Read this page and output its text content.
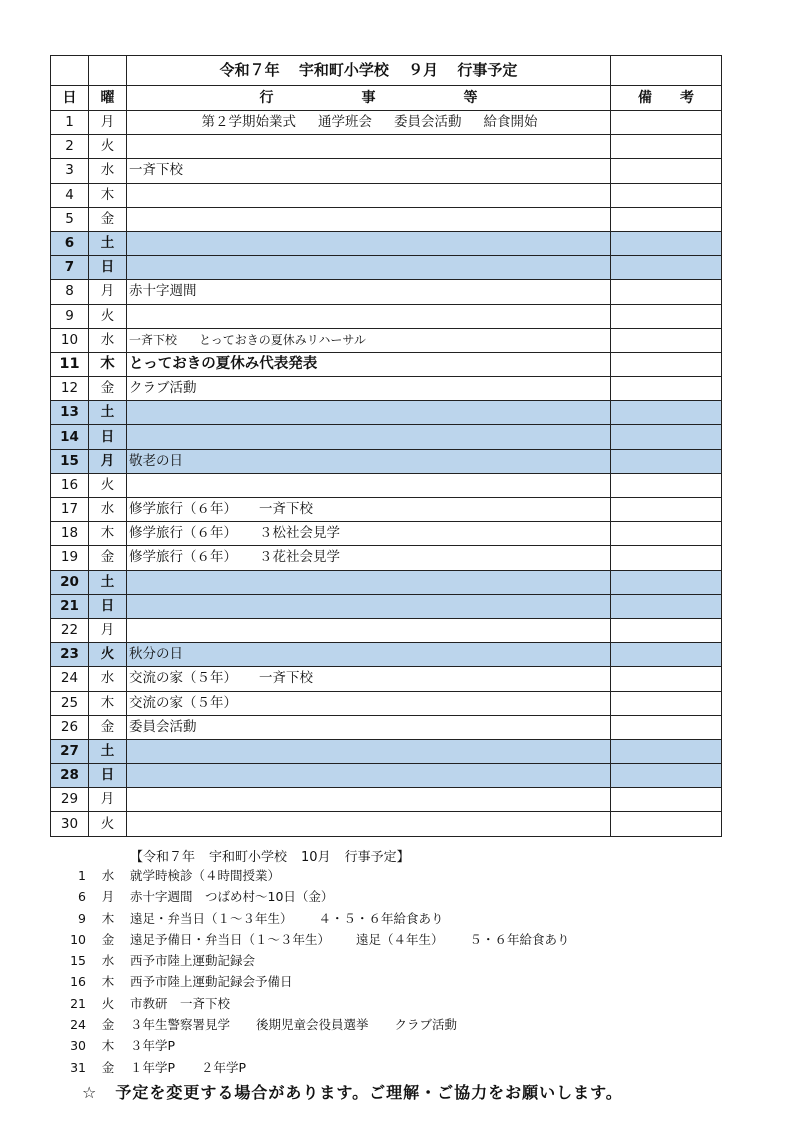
		令和７年 宇和町小学校 ９月 行事予定	
日	曜	行 事 等	備 考
1	月	第２学期始業式 通学班会 委員会活動 給食開始	
2	火		
3	水	一斉下校	
4	木		
5	金		
6	土		
7	日		
8	月	赤十字週間	
9	火		
10	水	一斉下校 とっておきの夏休みリハーサル	
11	木	とっておきの夏休み代表発表	
12	金	クラブ活動	
13	土		
14	日		
15	月	敬老の日	
16	火		
17	水	修学旅行（６年） 一斉下校	
18	木	修学旅行（６年） ３松社会見学	
19	金	修学旅行（６年） ３花社会見学	
20	土		
21	日		
22	月		
23	火	秋分の日	
24	水	交流の家（５年） 一斉下校	
25	木	交流の家（５年）	
26	金	委員会活動	
27	土		
28	日		
29	月		
30	火		
【令和７年 宇和町小学校 10月 行事予定】
1 水 就学時検診（４時間授業）
6 月 赤十字週間　つばめ村～10日（金）
9 木 遠足・弁当日（１～３年生） ４・５・６年給食あり
10 金 遠足予備日・弁当日（１～３年生） 遠足（４年生） ５・６年給食あり
15 水 西予市陸上運動記録会
16 木 西予市陸上運動記録会予備日
21 火 市教研　一斉下校
24 金 ３年生警察署見学 後期児童会役員選挙 クラブ活動
30 木 ３年学P
31 金 １年学P ２年学P
☆ 予定を変更する場合があります。ご理解・ご協力をお願いします。
